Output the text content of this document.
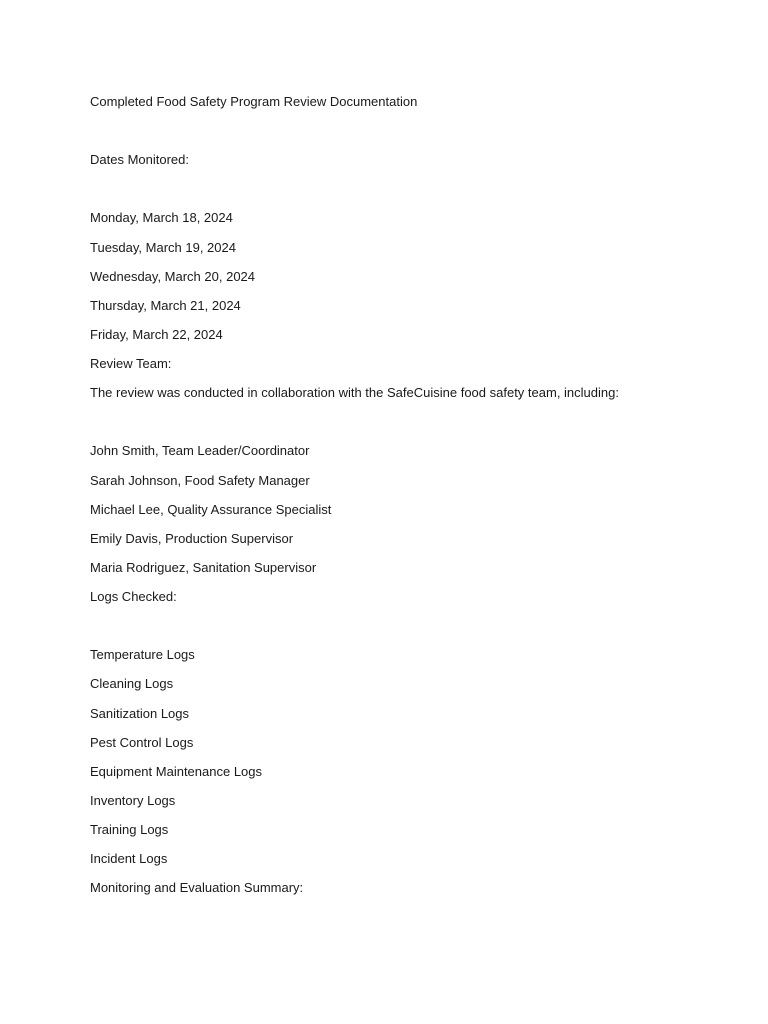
Completed Food Safety Program Review Documentation
Dates Monitored:
Monday, March 18, 2024
Tuesday, March 19, 2024
Wednesday, March 20, 2024
Thursday, March 21, 2024
Friday, March 22, 2024
Review Team:
The review was conducted in collaboration with the SafeCuisine food safety team, including:
John Smith, Team Leader/Coordinator
Sarah Johnson, Food Safety Manager
Michael Lee, Quality Assurance Specialist
Emily Davis, Production Supervisor
Maria Rodriguez, Sanitation Supervisor
Logs Checked:
Temperature Logs
Cleaning Logs
Sanitization Logs
Pest Control Logs
Equipment Maintenance Logs
Inventory Logs
Training Logs
Incident Logs
Monitoring and Evaluation Summary:
